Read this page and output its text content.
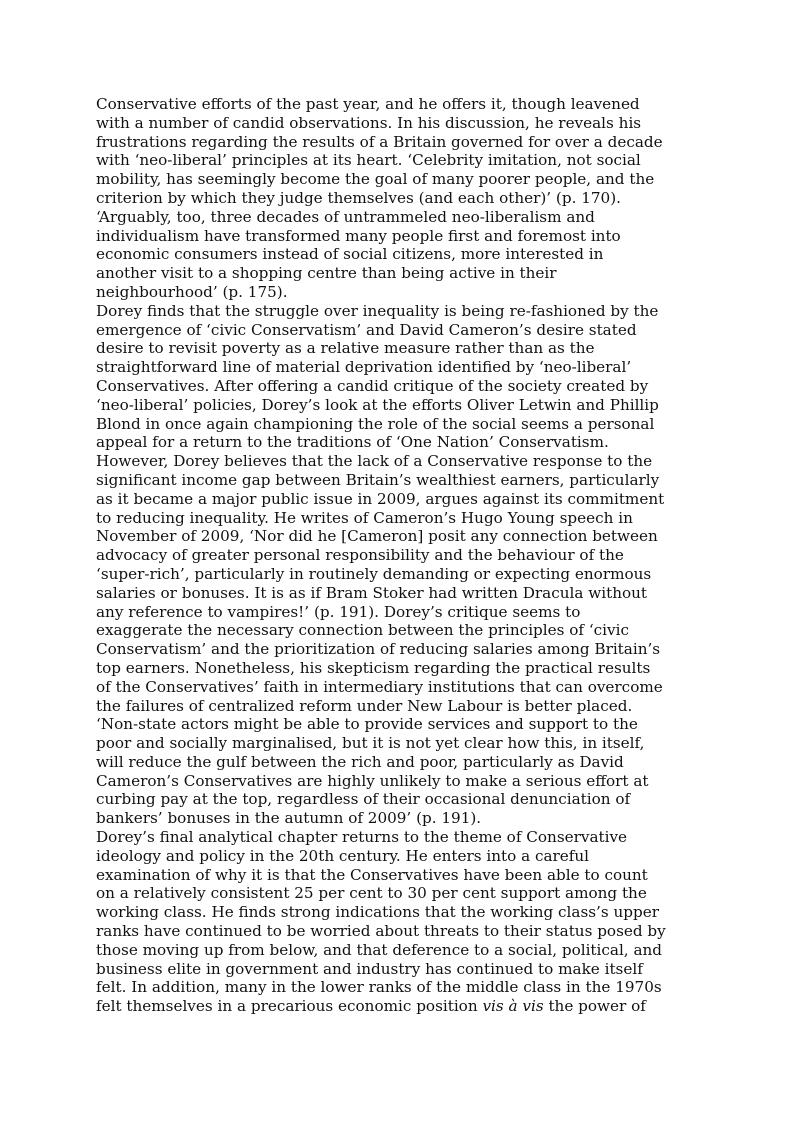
Conservative efforts of the past year, and he offers it, though leavened
with a number of candid observations. In his discussion, he reveals his
frustrations regarding the results of a Britain governed for over a decade
with ‘neo-liberal’ principles at its heart. ‘Celebrity imitation, not social
mobility, has seemingly become the goal of many poorer people, and the
criterion by which they judge themselves (and each other)’ (p. 170).
‘Arguably, too, three decades of untrammeled neo-liberalism and
individualism have transformed many people first and foremost into
economic consumers instead of social citizens, more interested in
another visit to a shopping centre than being active in their
neighbourhood’ (p. 175).

Dorey finds that the struggle over inequality is being re-fashioned by the
emergence of ‘civic Conservatism’ and David Cameron’s desire stated
desire to revisit poverty as a relative measure rather than as the
straightforward line of material deprivation identified by ‘neo-liberal’
Conservatives. After offering a candid critique of the society created by
‘neo-liberal’ policies, Dorey’s look at the efforts Oliver Letwin and Phillip
Blond in once again championing the role of the social seems a personal
appeal for a return to the traditions of ‘One Nation’ Conservatism.
However, Dorey believes that the lack of a Conservative response to the
significant income gap between Britain’s wealthiest earners, particularly
as it became a major public issue in 2009, argues against its commitment
to reducing inequality. He writes of Cameron’s Hugo Young speech in
November of 2009, ‘Nor did he [Cameron] posit any connection between
advocacy of greater personal responsibility and the behaviour of the
‘super-rich’, particularly in routinely demanding or expecting enormous
salaries or bonuses. It is as if Bram Stoker had written Dracula without
any reference to vampires!’ (p. 191). Dorey’s critique seems to
exaggerate the necessary connection between the principles of ‘civic
Conservatism’ and the prioritization of reducing salaries among Britain’s
top earners. Nonetheless, his skepticism regarding the practical results
of the Conservatives’ faith in intermediary institutions that can overcome
the failures of centralized reform under New Labour is better placed.
‘Non-state actors might be able to provide services and support to the
poor and socially marginalised, but it is not yet clear how this, in itself,
will reduce the gulf between the rich and poor, particularly as David
Cameron’s Conservatives are highly unlikely to make a serious effort at
curbing pay at the top, regardless of their occasional denunciation of
bankers’ bonuses in the autumn of 2009’ (p. 191).

Dorey’s final analytical chapter returns to the theme of Conservative
ideology and policy in the 20th century. He enters into a careful
examination of why it is that the Conservatives have been able to count
on a relatively consistent 25 per cent to 30 per cent support among the
working class. He finds strong indications that the working class’s upper
ranks have continued to be worried about threats to their status posed by
those moving up from below, and that deference to a social, political, and
business elite in government and industry has continued to make itself
felt. In addition, many in the lower ranks of the middle class in the 1970s
felt themselves in a precarious economic position vis à vis the power of
